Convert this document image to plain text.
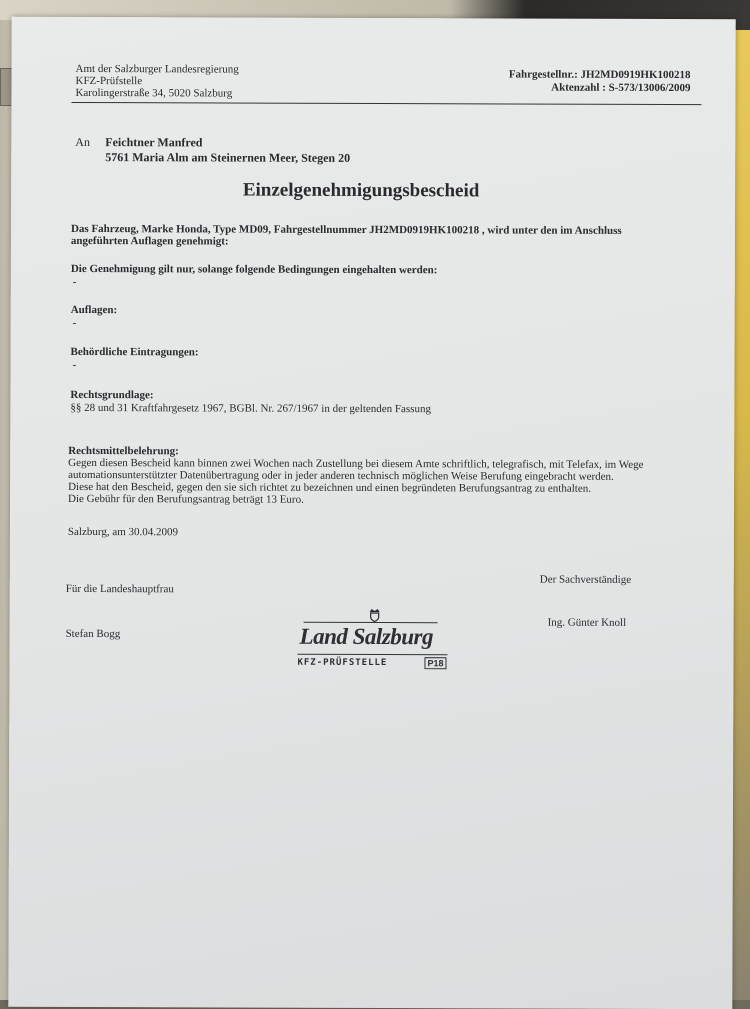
Amt der Salzburger Landesregierung
KFZ-Prüfstelle
Karolingerstraße 34, 5020 Salzburg
Fahrgestellnr.: JH2MD0919HK100218
Aktenzahl : S-573/13006/2009
An Feichtner Manfred
5761 Maria Alm am Steinernen Meer, Stegen 20
Einzelgenehmigungsbescheid
Das Fahrzeug, Marke Honda, Type MD09, Fahrgestellnummer JH2MD0919HK100218 , wird unter den im Anschluss
angeführten Auflagen genehmigt:
Die Genehmigung gilt nur, solange folgende Bedingungen eingehalten werden:
-
Auflagen:
-
Behördliche Eintragungen:
-
Rechtsgrundlage:
§§ 28 und 31 Kraftfahrgesetz 1967, BGBl. Nr. 267/1967 in der geltenden Fassung
Rechtsmittelbelehrung:
Gegen diesen Bescheid kann binnen zwei Wochen nach Zustellung bei diesem Amte schriftlich, telegrafisch, mit Telefax, im Wege
automationsunterstützter Datenübertragung oder in jeder anderen technisch möglichen Weise Berufung eingebracht werden.
Diese hat den Bescheid, gegen den sie sich richtet zu bezeichnen und einen begründeten Berufungsantrag zu enthalten.
Die Gebühr für den Berufungsantrag beträgt 13 Euro.
Salzburg, am 30.04.2009
Für die Landeshauptfrau
Stefan Bogg
Der Sachverständige
Ing. Günter Knoll
Land Salzburg
KFZ-PRÜFSTELLE	P18
